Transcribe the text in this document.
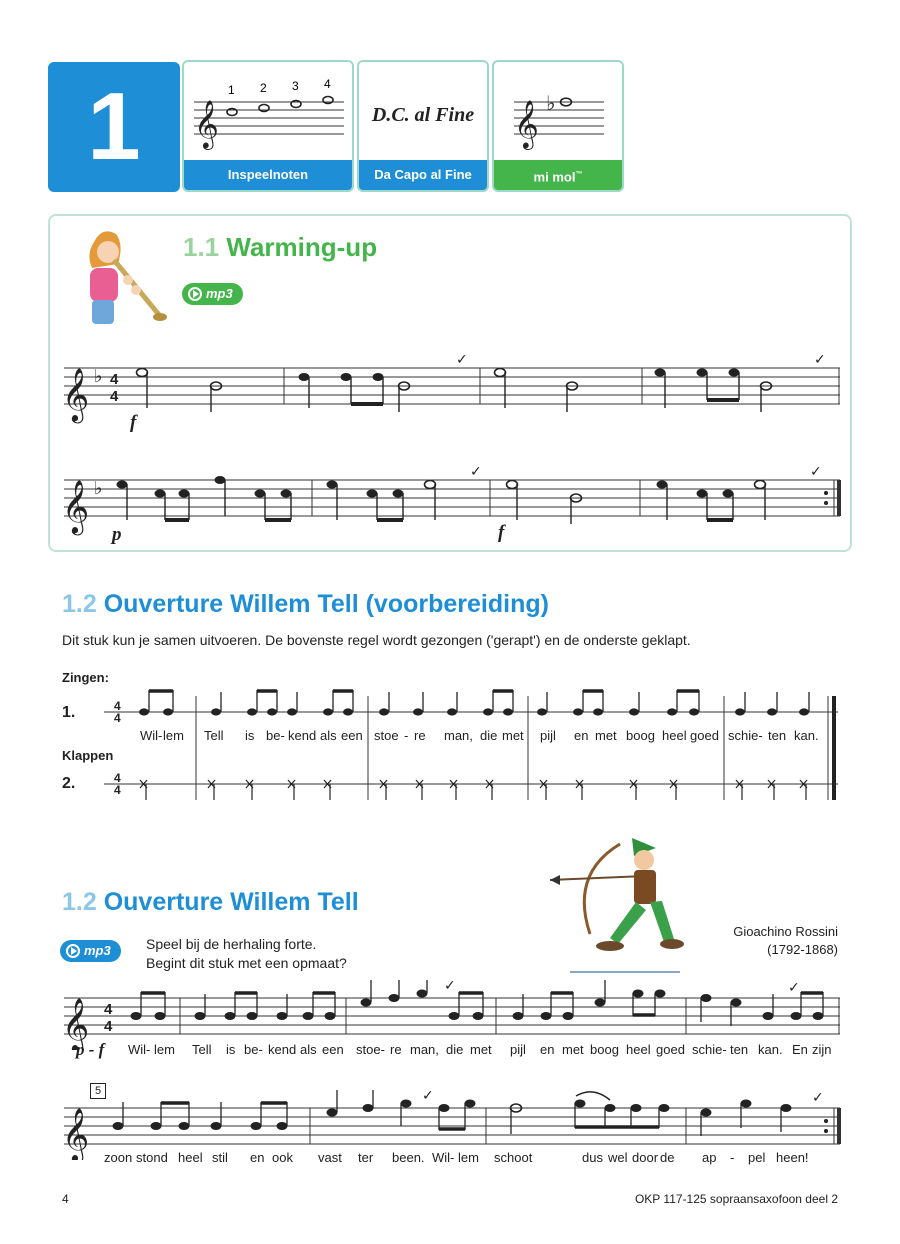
1	𝄞
1 2 3 4
Inspeelnoten
D.C. al Fine
Da Capo al Fine
𝄞 ♭
mi mol™
1.1 Warming-up
mp3
𝄞 ♭ 4
4
✓	✓
f
𝄞 ♭
✓	✓
p	f
1.2 Ouverture Willem Tell (voorbereiding)
Dit stuk kun je samen uitvoeren. De bovenste regel wordt gezongen ('gerapt') en de onderste geklapt.
Zingen:
1.
Klappen
2.
4
4
4
4
Wil- lem Tell is be- kend als een stoe - re man, die met pijl en met boog heel goed schie- ten kan.
1.2 Ouverture Willem Tell
mp3	Speel bij de herhaling forte.
Begint dit stuk met een opmaat?
Gioachino Rossini
(1792-1868)
𝄞 4
4
✓	✓
p - f Wil- lem Tell is be- kend als een stoe- re man, die met pijl en met boog heel goed schie- ten kan. En zijn
5
𝄞
✓	✓
zoon stond heel stil en ook vast ter been. Wil- lem schoot	dus wel door de ap - pel heen!
4	OKP 117-125 sopraansaxofoon deel 2
